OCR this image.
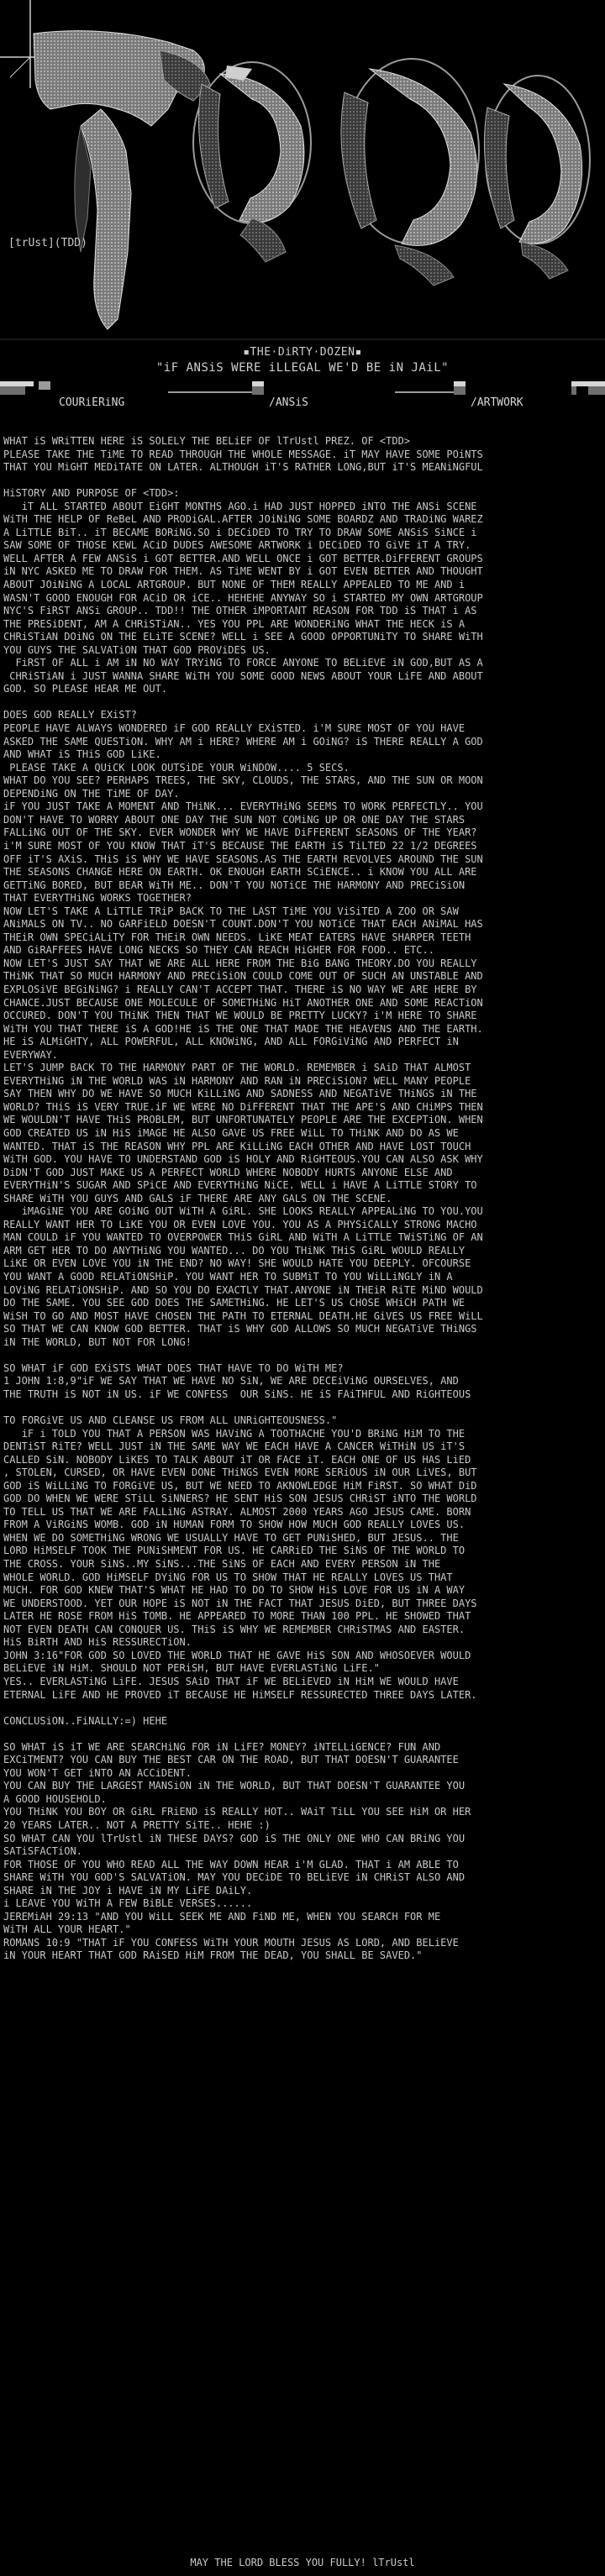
[trUst](TDD)
▪THE·DiRTY·DOZEN▪
"iF ANSiS WERE iLLEGAL WE'D BE iN JAiL"
COURiERiNG	/ANSiS	/ARTWORK
WHAT iS WRiTTEN HERE iS SOLELY THE BELiEF OF lTrUstl PREZ. OF <TDD>
PLEASE TAKE THE TiME TO READ THROUGH THE WHOLE MESSAGE. iT MAY HAVE SOME POiNTS
THAT YOU MiGHT MEDiTATE ON LATER. ALTHOUGH iT'S RATHER LONG,BUT iT'S MEANiNGFUL

HiSTORY AND PURPOSE OF <TDD>:
iT ALL STARTED ABOUT EiGHT MONTHS AGO.i HAD JUST HOPPED iNTO THE ANSi SCENE
WiTH THE HELP OF ReBeL AND PRODiGAL.AFTER JOiNiNG SOME BOARDZ AND TRADiNG WAREZ
A LiTTLE BiT.. iT BECAME BORiNG.SO i DECiDED TO TRY TO DRAW SOME ANSiS SiNCE i
SAW SOME OF THOSE KEWL ACiD DUDES AWESOME ARTWORK i DECiDED TO GiVE iT A TRY.
WELL AFTER A FEW ANSiS i GOT BETTER.AND WELL ONCE i GOT BETTER.DiFFERENT GROUPS
iN NYC ASKED ME TO DRAW FOR THEM. AS TiME WENT BY i GOT EVEN BETTER AND THOUGHT
ABOUT JOiNiNG A LOCAL ARTGROUP. BUT NONE OF THEM REALLY APPEALED TO ME AND i
WASN'T GOOD ENOUGH FOR ACiD OR iCE.. HEHEHE ANYWAY SO i STARTED MY OWN ARTGROUP
NYC'S FiRST ANSi GROUP.. TDD!! THE OTHER iMPORTANT REASON FOR TDD iS THAT i AS
THE PRESiDENT, AM A CHRiSTiAN.. YES YOU PPL ARE WONDERiNG WHAT THE HECK iS A
CHRiSTiAN DOiNG ON THE ELiTE SCENE? WELL i SEE A GOOD OPPORTUNiTY TO SHARE WiTH
YOU GUYS THE SALVATiON THAT GOD PROViDES US.
FiRST OF ALL i AM iN NO WAY TRYiNG TO FORCE ANYONE TO BELiEVE iN GOD,BUT AS A
CHRiSTiAN i JUST WANNA SHARE WiTH YOU SOME GOOD NEWS ABOUT YOUR LiFE AND ABOUT
GOD. SO PLEASE HEAR ME OUT.

DOES GOD REALLY EXiST?
PEOPLE HAVE ALWAYS WONDERED iF GOD REALLY EXiSTED. i'M SURE MOST OF YOU HAVE
ASKED THE SAME QUESTiON. WHY AM i HERE? WHERE AM i GOiNG? iS THERE REALLY A GOD
AND WHAT iS THiS GOD LiKE.
PLEASE TAKE A QUiCK LOOK OUTSiDE YOUR WiNDOW.... 5 SECS.
WHAT DO YOU SEE? PERHAPS TREES, THE SKY, CLOUDS, THE STARS, AND THE SUN OR MOON
DEPENDiNG ON THE TiME OF DAY.
iF YOU JUST TAKE A MOMENT AND THiNK... EVERYTHiNG SEEMS TO WORK PERFECTLY.. YOU
DON'T HAVE TO WORRY ABOUT ONE DAY THE SUN NOT COMiNG UP OR ONE DAY THE STARS
FALLiNG OUT OF THE SKY. EVER WONDER WHY WE HAVE DiFFERENT SEASONS OF THE YEAR?
i'M SURE MOST OF YOU KNOW THAT iT'S BECAUSE THE EARTH iS TiLTED 22 1/2 DEGREES
OFF iT'S AXiS. THiS iS WHY WE HAVE SEASONS.AS THE EARTH REVOLVES AROUND THE SUN
THE SEASONS CHANGE HERE ON EARTH. OK ENOUGH EARTH SCiENCE.. i KNOW YOU ALL ARE
GETTiNG BORED, BUT BEAR WiTH ME.. DON'T YOU NOTiCE THE HARMONY AND PRECiSiON
THAT EVERYTHiNG WORKS TOGETHER?
NOW LET'S TAKE A LiTTLE TRiP BACK TO THE LAST TiME YOU ViSiTED A ZOO OR SAW
ANiMALS ON TV.. NO GARFiELD DOESN'T COUNT.DON'T YOU NOTiCE THAT EACH ANiMAL HAS
THEiR OWN SPECiALiTY FOR THEiR OWN NEEDS. LiKE MEAT EATERS HAVE SHARPER TEETH
AND GiRAFFEES HAVE LONG NECKS SO THEY CAN REACH HiGHER FOR FOOD.. ETC..
NOW LET'S JUST SAY THAT WE ARE ALL HERE FROM THE BiG BANG THEORY.DO YOU REALLY
THiNK THAT SO MUCH HARMONY AND PRECiSiON COULD COME OUT OF SUCH AN UNSTABLE AND
EXPLOSiVE BEGiNiNG? i REALLY CAN'T ACCEPT THAT. THERE iS NO WAY WE ARE HERE BY
CHANCE.JUST BECAUSE ONE MOLECULE OF SOMETHiNG HiT ANOTHER ONE AND SOME REACTiON
OCCURED. DON'T YOU THiNK THEN THAT WE WOULD BE PRETTY LUCKY? i'M HERE TO SHARE
WiTH YOU THAT THERE iS A GOD!HE iS THE ONE THAT MADE THE HEAVENS AND THE EARTH.
HE iS ALMiGHTY, ALL POWERFUL, ALL KNOWiNG, AND ALL FORGiViNG AND PERFECT iN
EVERYWAY.
LET'S JUMP BACK TO THE HARMONY PART OF THE WORLD. REMEMBER i SAiD THAT ALMOST
EVERYTHiNG iN THE WORLD WAS iN HARMONY AND RAN iN PRECiSiON? WELL MANY PEOPLE
SAY THEN WHY DO WE HAVE SO MUCH KiLLiNG AND SADNESS AND NEGATiVE THiNGS iN THE
WORLD? THiS iS VERY TRUE.iF WE WERE NO DiFFERENT THAT THE APE'S AND CHiMPS THEN
WE WOULDN'T HAVE THiS PROBLEM, BUT UNFORTUNATELY PEOPLE ARE THE EXCEPTiON. WHEN
GOD CREATED US iN HiS iMAGE HE ALSO GAVE US FREE WiLL TO THiNK AND DO AS WE
WANTED. THAT iS THE REASON WHY PPL ARE KiLLiNG EACH OTHER AND HAVE LOST TOUCH
WiTH GOD. YOU HAVE TO UNDERSTAND GOD iS HOLY AND RiGHTEOUS.YOU CAN ALSO ASK WHY
DiDN'T GOD JUST MAKE US A PERFECT WORLD WHERE NOBODY HURTS ANYONE ELSE AND
EVERYTHiN'S SUGAR AND SPiCE AND EVERYTHiNG NiCE. WELL i HAVE A LiTTLE STORY TO
SHARE WiTH YOU GUYS AND GALS iF THERE ARE ANY GALS ON THE SCENE.
iMAGiNE YOU ARE GOiNG OUT WiTH A GiRL. SHE LOOKS REALLY APPEALiNG TO YOU.YOU
REALLY WANT HER TO LiKE YOU OR EVEN LOVE YOU. YOU AS A PHYSiCALLY STRONG MACHO
MAN COULD iF YOU WANTED TO OVERPOWER THiS GiRL AND WiTH A LiTTLE TWiSTiNG OF AN
ARM GET HER TO DO ANYTHiNG YOU WANTED... DO YOU THiNK THiS GiRL WOULD REALLY
LiKE OR EVEN LOVE YOU iN THE END? NO WAY! SHE WOULD HATE YOU DEEPLY. OFCOURSE
YOU WANT A GOOD RELATiONSHiP. YOU WANT HER TO SUBMiT TO YOU WiLLiNGLY iN A
LOViNG RELATiONSHiP. AND SO YOU DO EXACTLY THAT.ANYONE iN THEiR RiTE MiND WOULD
DO THE SAME. YOU SEE GOD DOES THE SAMETHiNG. HE LET'S US CHOSE WHiCH PATH WE
WiSH TO GO AND MOST HAVE CHOSEN THE PATH TO ETERNAL DEATH.HE GiVES US FREE WiLL
SO THAT WE CAN KNOW GOD BETTER. THAT iS WHY GOD ALLOWS SO MUCH NEGATiVE THiNGS
iN THE WORLD, BUT NOT FOR LONG!

SO WHAT iF GOD EXiSTS WHAT DOES THAT HAVE TO DO WiTH ME?
1 JOHN 1:8,9"iF WE SAY THAT WE HAVE NO SiN, WE ARE DECEiViNG OURSELVES, AND
THE TRUTH iS NOT iN US. iF WE CONFESS  OUR SiNS. HE iS FAiTHFUL AND RiGHTEOUS

TO FORGiVE US AND CLEANSE US FROM ALL UNRiGHTEOUSNESS."
iF i TOLD YOU THAT A PERSON WAS HAViNG A TOOTHACHE YOU'D BRiNG HiM TO THE
DENTiST RiTE? WELL JUST iN THE SAME WAY WE EACH HAVE A CANCER WiTHiN US iT'S
CALLED SiN. NOBODY LiKES TO TALK ABOUT iT OR FACE iT. EACH ONE OF US HAS LiED
, STOLEN, CURSED, OR HAVE EVEN DONE THiNGS EVEN MORE SERiOUS iN OUR LiVES, BUT
GOD iS WiLLiNG TO FORGiVE US, BUT WE NEED TO AKNOWLEDGE HiM FiRST. SO WHAT DiD
GOD DO WHEN WE WERE STiLL SiNNERS? HE SENT HiS SON JESUS CHRiST iNTO THE WORLD
TO TELL US THAT WE ARE FALLiNG ASTRAY. ALMOST 2000 YEARS AGO JESUS CAME. BORN
FROM A ViRGiNS WOMB. GOD iN HUMAN FORM TO SHOW HOW MUCH GOD REALLY LOVES US.
WHEN WE DO SOMETHiNG WRONG WE USUALLY HAVE TO GET PUNiSHED, BUT JESUS.. THE
LORD HiMSELF TOOK THE PUNiSHMENT FOR US. HE CARRiED THE SiNS OF THE WORLD TO
THE CROSS. YOUR SiNS..MY SiNS...THE SiNS OF EACH AND EVERY PERSON iN THE
WHOLE WORLD. GOD HiMSELF DYiNG FOR US TO SHOW THAT HE REALLY LOVES US THAT
MUCH. FOR GOD KNEW THAT'S WHAT HE HAD TO DO TO SHOW HiS LOVE FOR US iN A WAY
WE UNDERSTOOD. YET OUR HOPE iS NOT iN THE FACT THAT JESUS DiED, BUT THREE DAYS
LATER HE ROSE FROM HiS TOMB. HE APPEARED TO MORE THAN 100 PPL. HE SHOWED THAT
NOT EVEN DEATH CAN CONQUER US. THiS iS WHY WE REMEMBER CHRiSTMAS AND EASTER.
HiS BiRTH AND HiS RESSURECTiON.
JOHN 3:16"FOR GOD SO LOVED THE WORLD THAT HE GAVE HiS SON AND WHOSOEVER WOULD
BELiEVE iN HiM. SHOULD NOT PERiSH, BUT HAVE EVERLASTiNG LiFE."
YES.. EVERLASTiNG LiFE. JESUS SAiD THAT iF WE BELiEVED iN HiM WE WOULD HAVE
ETERNAL LiFE AND HE PROVED iT BECAUSE HE HiMSELF RESSURECTED THREE DAYS LATER.

CONCLUSiON..FiNALLY:=) HEHE

SO WHAT iS iT WE ARE SEARCHiNG FOR iN LiFE? MONEY? iNTELLiGENCE? FUN AND
EXCiTMENT? YOU CAN BUY THE BEST CAR ON THE ROAD, BUT THAT DOESN'T GUARANTEE
YOU WON'T GET iNTO AN ACCiDENT.
YOU CAN BUY THE LARGEST MANSiON iN THE WORLD, BUT THAT DOESN'T GUARANTEE YOU
A GOOD HOUSEHOLD.
YOU THiNK YOU BOY OR GiRL FRiEND iS REALLY HOT.. WAiT TiLL YOU SEE HiM OR HER
20 YEARS LATER.. NOT A PRETTY SiTE.. HEHE :)
SO WHAT CAN YOU lTrUstl iN THESE DAYS? GOD iS THE ONLY ONE WHO CAN BRiNG YOU
SATiSFACTiON.
FOR THOSE OF YOU WHO READ ALL THE WAY DOWN HEAR i'M GLAD. THAT i AM ABLE TO
SHARE WiTH YOU GOD'S SALVATiON. MAY YOU DECiDE TO BELiEVE iN CHRiST ALSO AND
SHARE iN THE JOY i HAVE iN MY LiFE DAiLY.
i LEAVE YOU WiTH A FEW BiBLE VERSES......
JEREMiAH 29:13 "AND YOU WiLL SEEK ME AND FiND ME, WHEN YOU SEARCH FOR ME
WiTH ALL YOUR HEART."
ROMANS 10:9 "THAT iF YOU CONFESS WiTH YOUR MOUTH JESUS AS LORD, AND BELiEVE
iN YOUR HEART THAT GOD RAiSED HiM FROM THE DEAD, YOU SHALL BE SAVED."

MAY THE LORD BLESS YOU FULLY! lTrUstl
